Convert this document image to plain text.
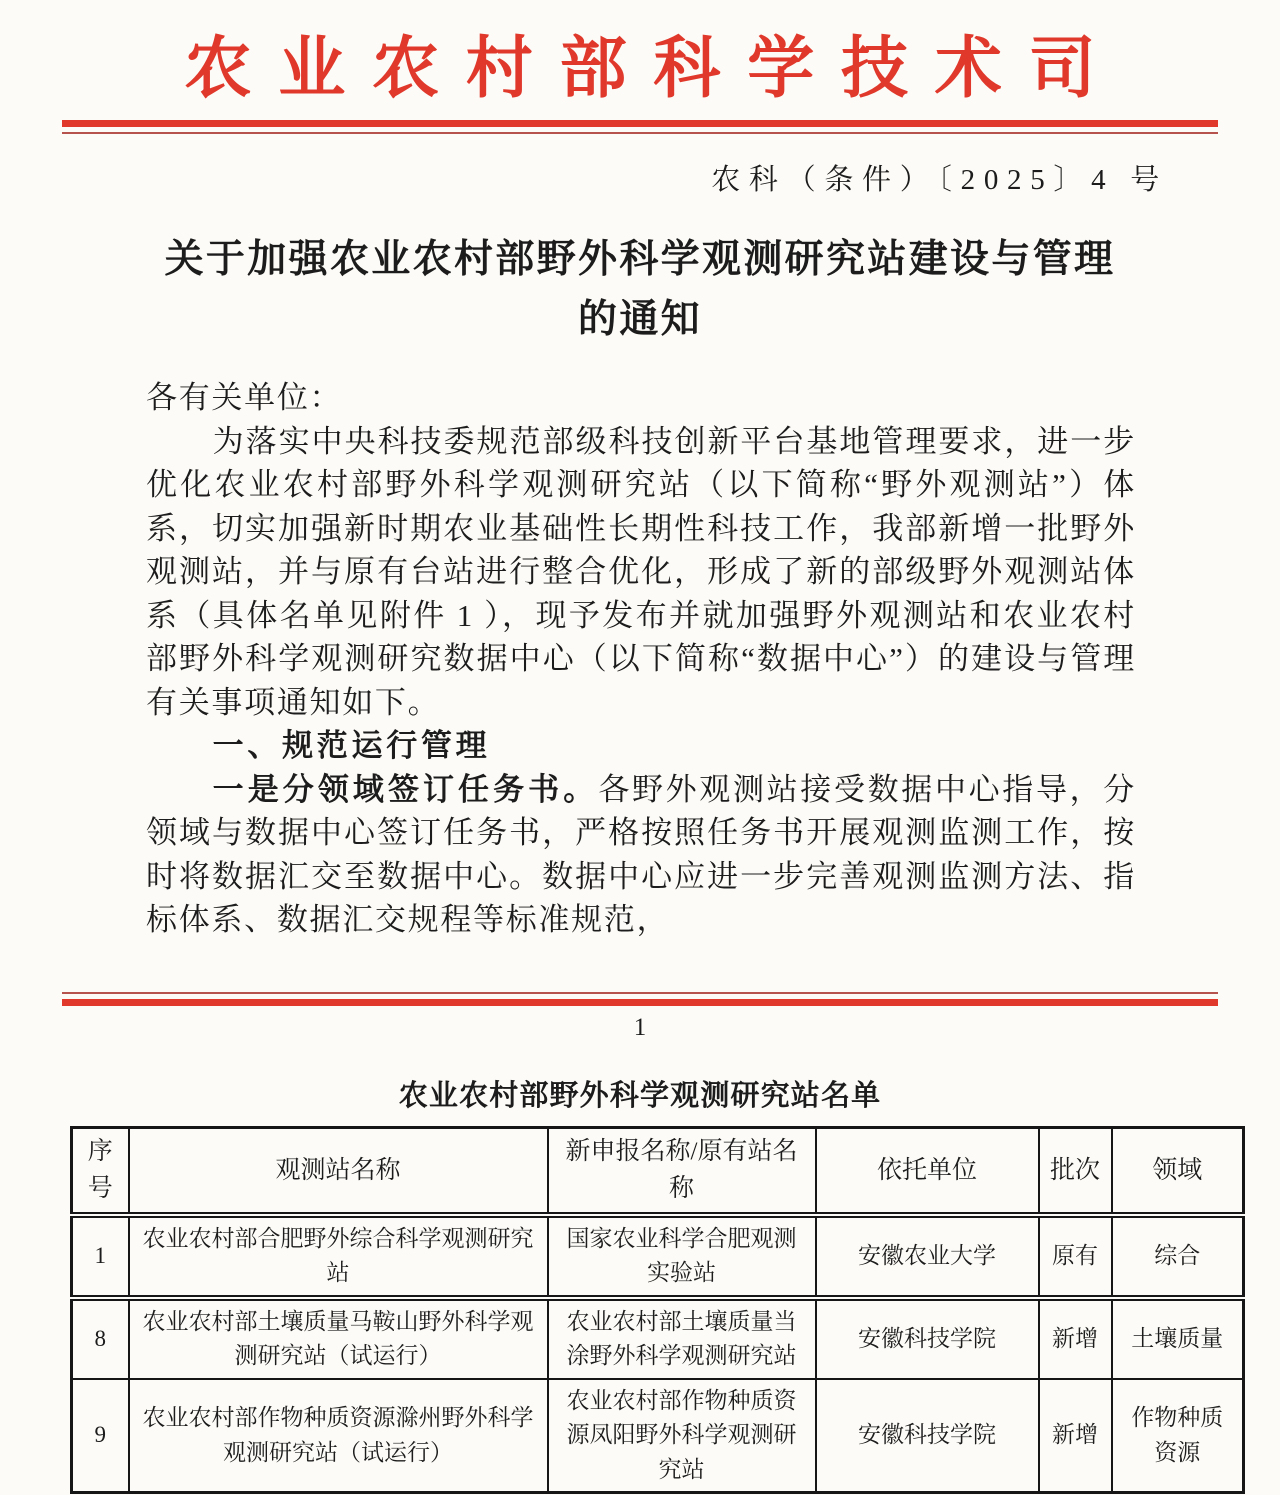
农业农村部科学技术司
农科（条件）〔2025〕4 号
关于加强农业农村部野外科学观测研究站建设与管理
的通知

各有关单位：

为落实中央科技委规范部级科技创新平台基地管理要求，进一步优化农业农村部野外科学观测研究站（以下简称“野外观测站”）体系，切实加强新时期农业基础性长期性科技工作，我部新增一批野外观测站，并与原有台站进行整合优化，形成了新的部级野外观测站体系（具体名单见附件 1 ），现予发布并就加强野外观测站和农业农村部野外科学观测研究数据中心（以下简称“数据中心”）的建设与管理有关事项通知如下。

一、规范运行管理

一是分领域签订任务书。各野外观测站接受数据中心指导，分领域与数据中心签订任务书，严格按照任务书开展观测监测工作，按时将数据汇交至数据中心。数据中心应进一步完善观测监测方法、指标体系、数据汇交规程等标准规范，

1
农业农村部野外科学观测研究站名单
序号	观测站名称	新申报名称/原有站名称	依托单位	批次	领域
1	农业农村部合肥野外综合科学观测研究站	国家农业科学合肥观测实验站	安徽农业大学	原有	综合
8	农业农村部土壤质量马鞍山野外科学观测研究站（试运行）	农业农村部土壤质量当涂野外科学观测研究站	安徽科技学院	新增	土壤质量
9	农业农村部作物种质资源滁州野外科学观测研究站（试运行）	农业农村部作物种质资源凤阳野外科学观测研究站	安徽科技学院	新增	作物种质资源
